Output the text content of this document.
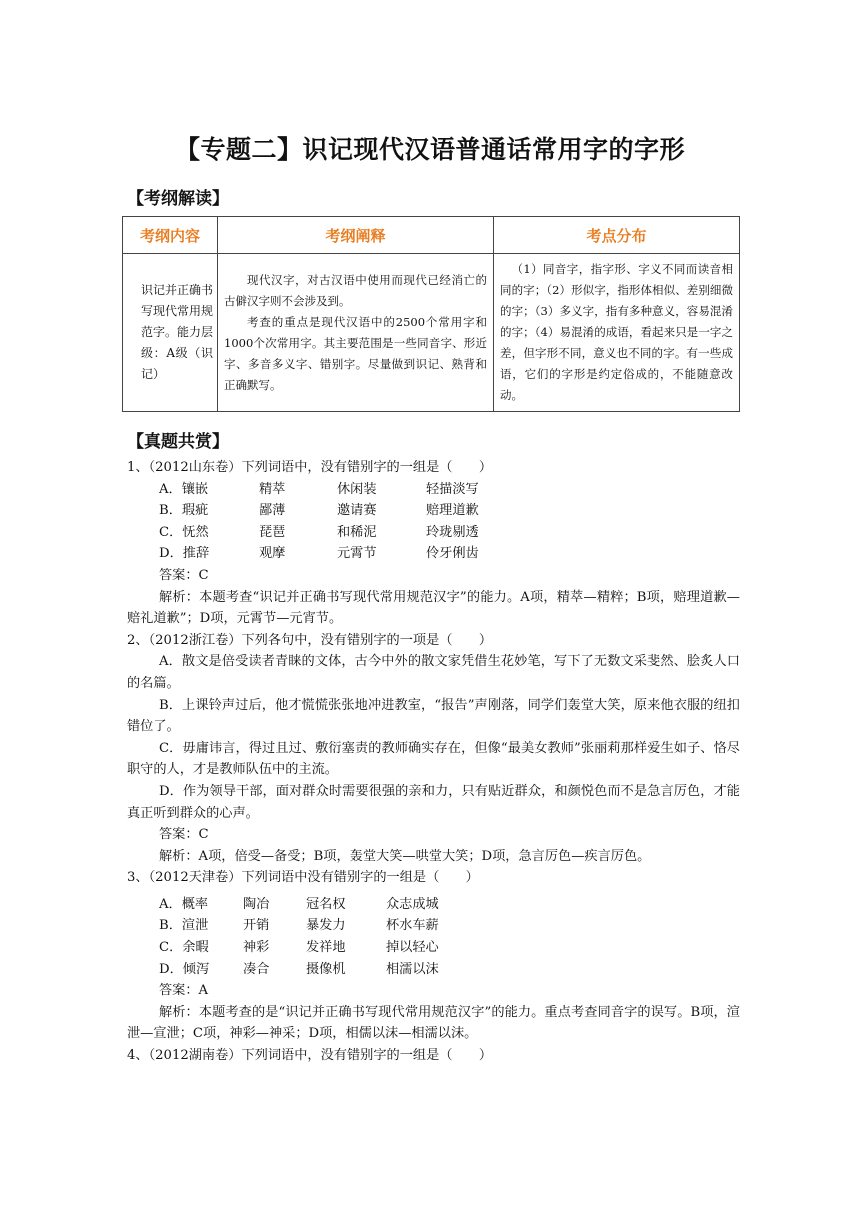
【专题二】识记现代汉语普通话常用字的字形
【考纲解读】
考纲内容	考纲阐释	考点分布
识记并正确书写现代常用规范字。能力层级：A级（识记）	现代汉字，对古汉语中使用而现代已经消亡的古僻汉字则不会涉及到。

考查的重点是现代汉语中的2500个常用字和1000个次常用字。其主要范围是一些同音字、形近字、多音多义字、错别字。尽量做到识记、熟背和正确默写。	（1）同音字，指字形、字义不同而读音相同的字；（2）形似字，指形体相似、差别细微的字；（3）多义字，指有多种意义，容易混淆的字；（4）易混淆的成语，看起来只是一字之差，但字形不同，意义也不同的字。有一些成语，它们的字形是约定俗成的，不能随意改动。

【真题共赏】

1、（2012山东卷）下列词语中，没有错别字的一组是（　　）

A．镶嵌	精萃	休闲装	轻描淡写
B．瑕疵	鄙薄	邀请赛	赔理道歉
C．怃然	琵琶	和稀泥	玲珑剔透
D．推辞	观摩	元霄节	伶牙俐齿

答案：C

解析：本题考查“识记并正确书写现代常用规范汉字”的能力。A项，精萃—精粹；B项，赔理道歉—赔礼道歉”；D项，元霄节—元宵节。

2、（2012浙江卷）下列各句中，没有错别字的一项是（　　）

A．散文是倍受读者青睐的文体，古今中外的散文家凭借生花妙笔，写下了无数文采斐然、脍炙人口的名篇。

B．上课铃声过后，他才慌慌张张地冲进教室，“报告”声刚落，同学们轰堂大笑，原来他衣服的纽扣错位了。

C．毋庸讳言，得过且过、敷衍塞责的教师确实存在，但像“最美女教师”张丽莉那样爱生如子、恪尽职守的人，才是教师队伍中的主流。

D．作为领导干部，面对群众时需要很强的亲和力，只有贴近群众，和颜悦色而不是急言厉色，才能真正听到群众的心声。

答案：C

解析：A项，倍受—备受；B项，轰堂大笑—哄堂大笑；D项，急言厉色—疾言厉色。

3、（2012天津卷）下列词语中没有错别字的一组是（　　）

A．概率	陶冶	冠名权	众志成城
B．渲泄	开销	暴发力	杯水车薪
C．余暇	神彩	发祥地	掉以轻心
D．倾泻	凑合	摄像机	相濡以沫

答案：A

解析：本题考查的是“识记并正确书写现代常用规范汉字”的能力。重点考查同音字的误写。B项，渲泄—宣泄；C项，神彩—神采；D项，相儒以沫—相濡以沫。

4、（2012湖南卷）下列词语中，没有错别字的一组是（　　）
